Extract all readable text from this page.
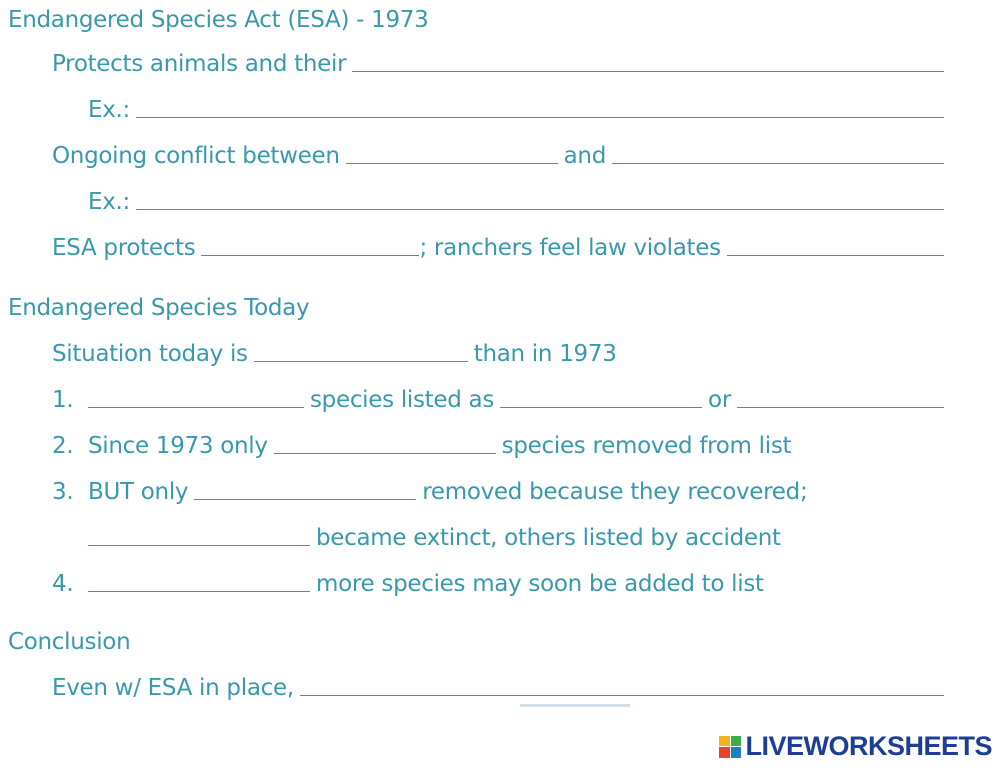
Endangered Species Act (ESA) - 1973
Protects animals and their
Ex.:
Ongoing conflict between	and
Ex.:
ESA protects	; ranchers feel law violates
Endangered Species Today
Situation today is	than in 1973
1.	species listed as	or
2. Since 1973 only	species removed from list
3. BUT only	removed because they recovered;
became extinct, others listed by accident
4.	more species may soon be added to list
Conclusion
Even w/ ESA in place,
LIVEWORKSHEETS
